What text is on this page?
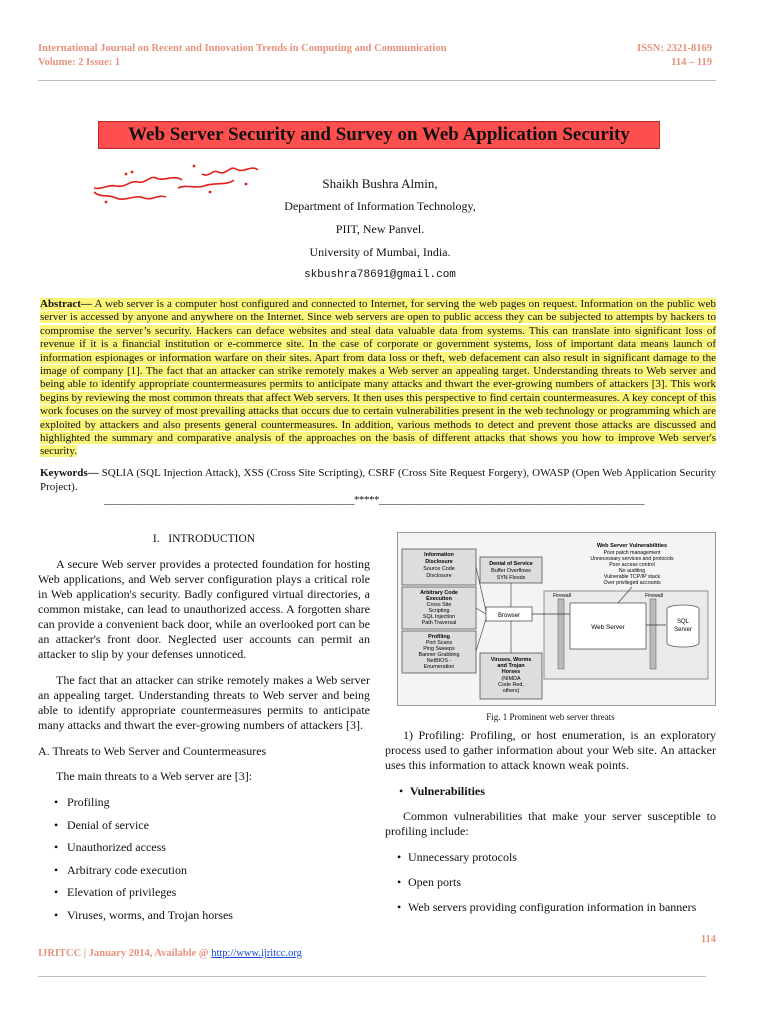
International Journal on Recent and Innovation Trends in Computing and Communication
Volume: 2 Issue: 1
ISSN: 2321-8169
114 – 119
Web Server Security and Survey on Web Application Security
Shaikh Bushra Almin,
Department of Information Technology,
PIIT, New Panvel.
University of Mumbai, India.
skbushra78691@gmail.com
Abstract— A web server is a computer host configured and connected to Internet, for serving the web pages on request. Information on the public web server is accessed by anyone and anywhere on the Internet. Since web servers are open to public access they can be subjected to attempts by hackers to compromise the server’s security. Hackers can deface websites and steal data valuable data from systems. This can translate into significant loss of revenue if it is a financial institution or e-commerce site. In the case of corporate or government systems, loss of important data means launch of information espionages or information warfare on their sites. Apart from data loss or theft, web defacement can also result in significant damage to the image of company [1]. The fact that an attacker can strike remotely makes a Web server an appealing target. Understanding threats to Web server and being able to identify appropriate countermeasures permits to anticipate many attacks and thwart the ever-growing numbers of attackers [3]. This work begins by reviewing the most common threats that affect Web servers. It then uses this perspective to find certain countermeasures. A key concept of this work focuses on the survey of most prevailing attacks that occurs due to certain vulnerabilities present in the web technology or programming which are exploited by attackers and also presents general countermeasures. In addition, various methods to detect and prevent those attacks are discussed and highlighted the summary and comparative analysis of the approaches on the basis of different attacks that shows you how to improve Web server's security.
Keywords— SQLIA (SQL Injection Attack), XSS (Cross Site Scripting), CSRF (Cross Site Request Forgery), OWASP (Open Web Application Security Project).
__________________________________________________*****_____________________________________________________
I. INTRODUCTION

A secure Web server provides a protected foundation for hosting Web applications, and Web server configuration plays a critical role in Web application's security. Badly configured virtual directories, a common mistake, can lead to unauthorized access. A forgotten share can provide a convenient back door, while an overlooked port can be an attacker's front door. Neglected user accounts can permit an attacker to slip by your defenses unnoticed.

The fact that an attacker can strike remotely makes a Web server an appealing target. Understanding threats to Web server and being able to identify appropriate countermeasures permits to anticipate many attacks and thwart the ever-growing numbers of attackers [3].

A. Threats to Web Server and Countermeasures

The main threats to a Web server are [3]:

• Profiling
• Denial of service
• Unauthorized access
• Arbitrary code execution
• Elevation of privileges
• Viruses, worms, and Trojan horses
Information
Disclosure
Source Code
Disclosure
Denial of Service
Buffer Overflows
SYN Floods
Arbitrary Code
Execution
Cross Site
Scripting
SQL Injection
Path Traversal
Profiling
Port Scans
Ping Sweeps
Banner Grabbing
NetBIOS -
Enumeration
Viruses, Worms
and Trojan
Horses
(NIMDA
Code Red,
others)
Web Server Vulnerabilities
Poor patch management
Unnecessary services and protocols
Poor access control
No auditing
Vulnerable TCP/IP stack
Over privileged accounts
Firewall	Firewall
Browser
Web Server
SQL
Server
Fig. 1 Prominent web server threats

1) Profiling: Profiling, or host enumeration, is an exploratory process used to gather information about your Web site. An attacker uses this information to attack known weak points.

• Vulnerabilities

Common vulnerabilities that make your server susceptible to profiling include:

• Unnecessary protocols
• Open ports
• Web servers providing configuration information in banners
114
IJRITCC | January 2014, Available @ http://www.ijritcc.org
